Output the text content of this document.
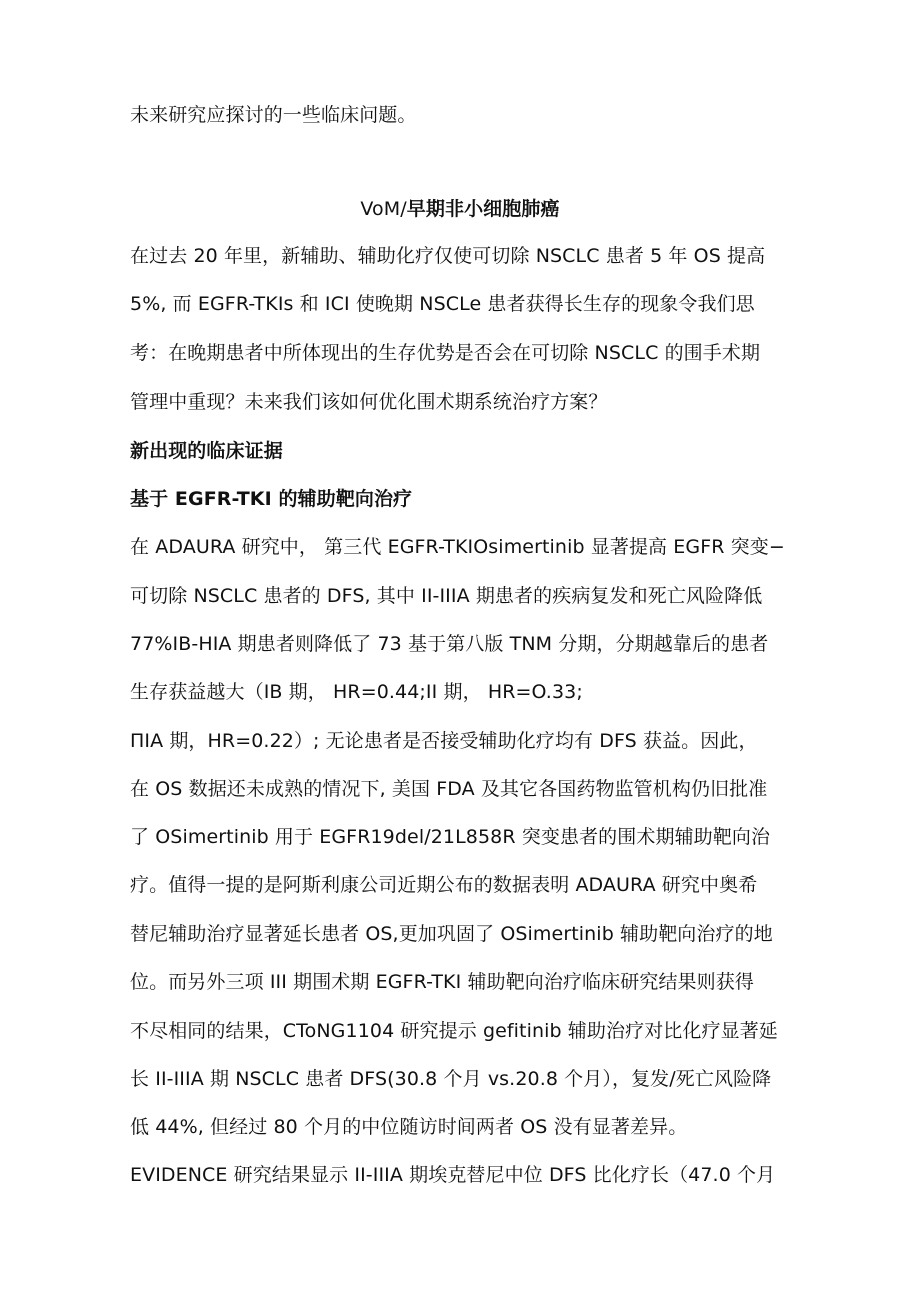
未来研究应探讨的一些临床问题。
VoM/早期非小细胞肺癌
在过去 20 年里，新辅助、辅助化疗仅使可切除 NSCLC 患者 5 年 OS 提高
5%, 而 EGFR-TKIs 和 ICI 使晚期 NSCLe 患者获得长生存的现象令我们思
考：在晚期患者中所体现出的生存优势是否会在可切除 NSCLC 的围手术期
管理中重现？未来我们该如何优化围术期系统治疗方案？
新出现的临床证据
基于 EGFR-TKI 的辅助靶向治疗
在 ADAURA 研究中， 第三代 EGFR-TKIOsimertinib 显著提高 EGFR 突变−
可切除 NSCLC 患者的 DFS, 其中 II-IIIA 期患者的疾病复发和死亡风险降低
77%IB-HIA 期患者则降低了 73 基于第八版 TNM 分期，分期越靠后的患者
生存获益越大（IB 期， HR=0.44;II 期， HR=O.33;
ΠIA 期，HR=0.22）; 无论患者是否接受辅助化疗均有 DFS 获益。因此，
在 OS 数据还未成熟的情况下, 美国 FDA 及其它各国药物监管机构仍旧批准
了 OSimertinib 用于 EGFR19del∕21L858R 突变患者的围术期辅助靶向治
疗。值得一提的是阿斯利康公司近期公布的数据表明 ADAURA 研究中奥希
替尼辅助治疗显著延长患者 OS,更加巩固了 OSimertinib 辅助靶向治疗的地
位。而另外三项 III 期围术期 EGFR-TKI 辅助靶向治疗临床研究结果则获得
不尽相同的结果，CToNG1104 研究提示 gefitinib 辅助治疗对比化疗显著延
长 II-IIIA 期 NSCLC 患者 DFS(30.8 个月 vs.20.8 个月），复发∕死亡风险降
低 44%, 但经过 80 个月的中位随访时间两者 OS 没有显著差异。
EVIDENCE 研究结果显示 II-IIIA 期埃克替尼中位 DFS 比化疗长（47.0 个月
